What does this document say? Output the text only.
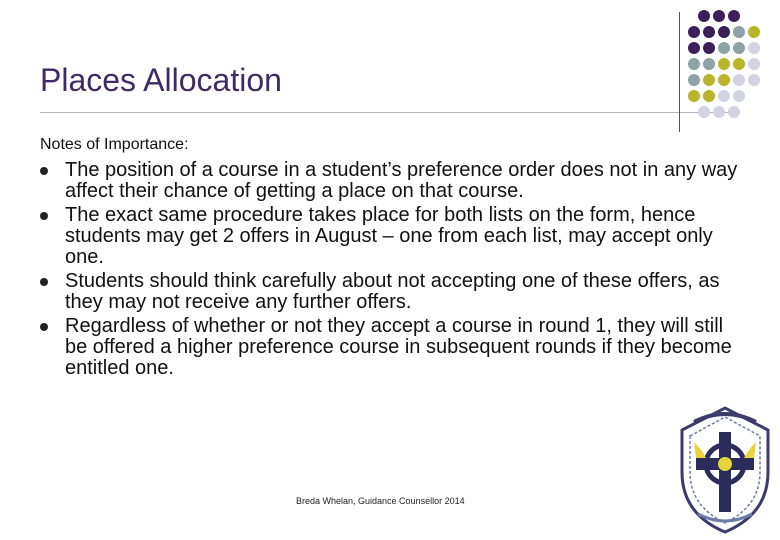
Places Allocation
Notes of Importance:
The position of a course in a student’s preference order does not in any way affect their chance of getting a place on that course.
The exact same procedure takes place for both lists on the form, hence students may get 2 offers in August – one from each list, may accept only one.
Students should think carefully about not accepting one of these offers, as they may not receive any further offers.
Regardless of whether or not they accept a course in round 1, they will still be offered a higher preference course in subsequent rounds if they become entitled one.
Breda Whelan, Guidance Counsellor 2014
